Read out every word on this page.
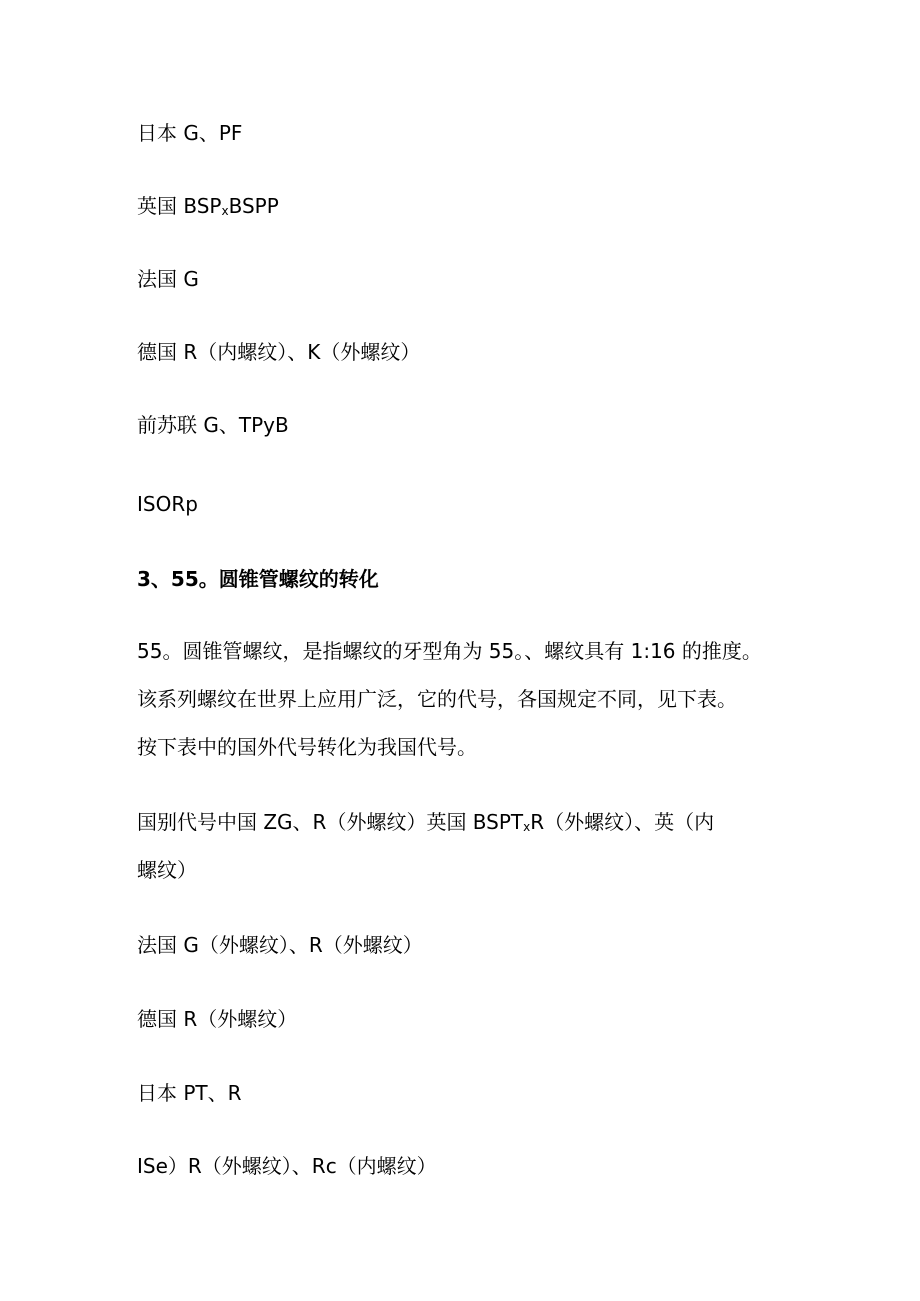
日本 G、PF
英国 $BSP_xBSPP$
法国 G
德国 R（内螺纹）、K（外螺纹）
前苏联 G、TPyB
ISORp
3、55。圆锥管螺纹的转化
55。圆锥管螺纹，是指螺纹的牙型角为 55。、螺纹具有 1:16 的推度。
该系列螺纹在世界上应用广泛，它的代号，各国规定不同，见下表。
按下表中的国外代号转化为我国代号。
国别代号中国 ZG、R（外螺纹）英国 $BSPT_xR$（外螺纹）、英（内
螺纹）
法国 G（外螺纹）、R（外螺纹）
德国 R（外螺纹）
日本 PT、R
ISe）R（外螺纹）、Rc（内螺纹）
